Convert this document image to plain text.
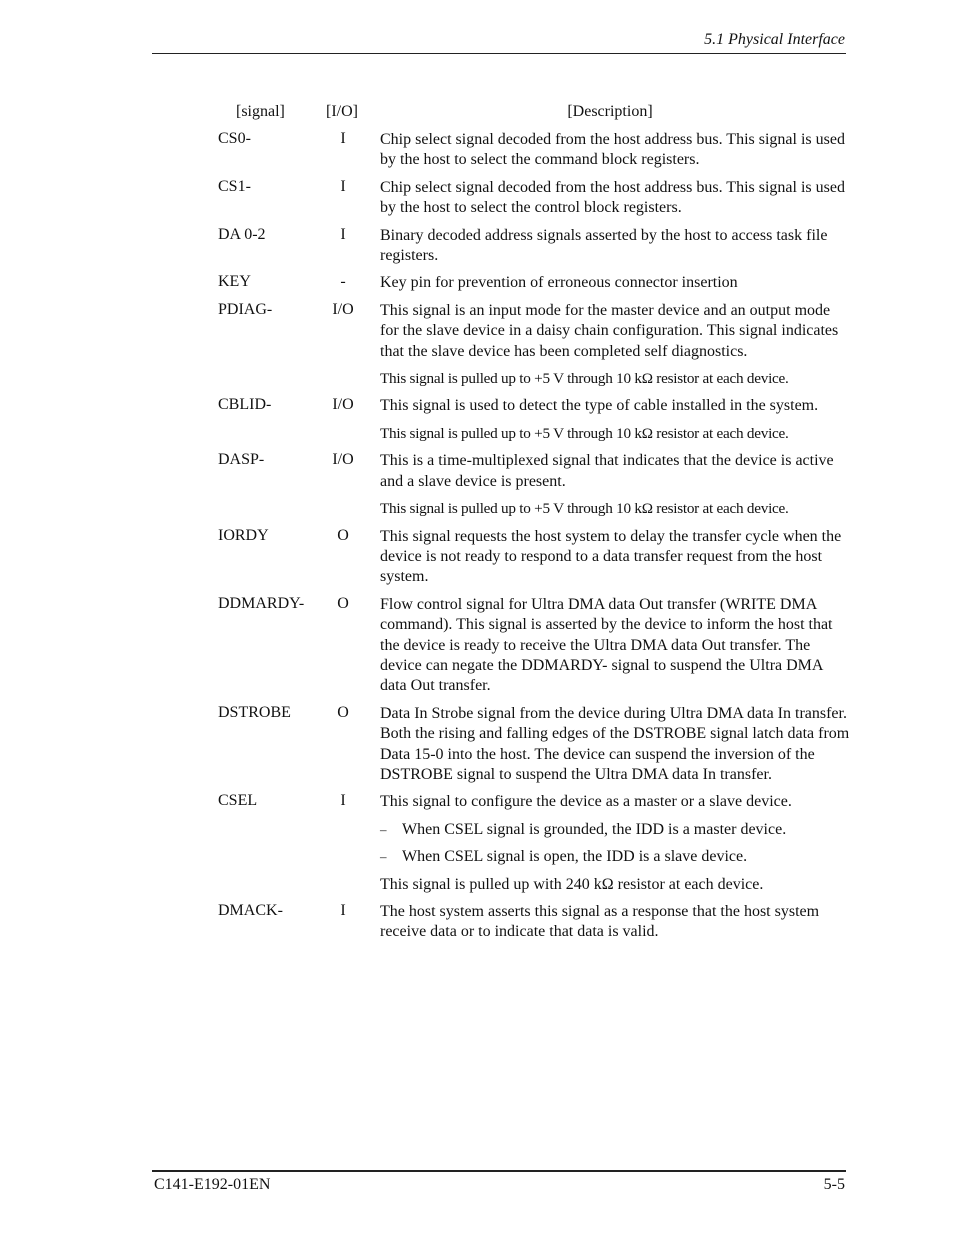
5.1 Physical Interface
[signal]	[I/O]	[Description]
CS0-	I	Chip select signal decoded from the host address bus. This signal is used by the host to select the command block registers.

CS1-	I	Chip select signal decoded from the host address bus. This signal is used by the host to select the control block registers.

DA 0-2	I	Binary decoded address signals asserted by the host to access task file registers.

KEY	-	Key pin for prevention of erroneous connector insertion

PDIAG-	I/O	This signal is an input mode for the master device and an output mode for the slave device in a daisy chain configuration. This signal indicates that the slave device has been completed self diagnostics.

This signal is pulled up to +5 V through 10 kΩ resistor at each device.

CBLID-	I/O	This signal is used to detect the type of cable installed in the system.

This signal is pulled up to +5 V through 10 kΩ resistor at each device.

DASP-	I/O	This is a time-multiplexed signal that indicates that the device is active and a slave device is present.

This signal is pulled up to +5 V through 10 kΩ resistor at each device.

IORDY	O	This signal requests the host system to delay the transfer cycle when the device is not ready to respond to a data transfer request from the host system.

DDMARDY-	O	Flow control signal for Ultra DMA data Out transfer (WRITE DMA command). This signal is asserted by the device to inform the host that the device is ready to receive the Ultra DMA data Out transfer. The device can negate the DDMARDY- signal to suspend the Ultra DMA data Out transfer.

DSTROBE	O	Data In Strobe signal from the device during Ultra DMA data In transfer. Both the rising and falling edges of the DSTROBE signal latch data from Data 15-0 into the host. The device can suspend the inversion of the DSTROBE signal to suspend the Ultra DMA data In transfer.

CSEL	I	This signal to configure the device as a master or a slave device.

– When CSEL signal is grounded, the IDD is a master device.

– When CSEL signal is open, the IDD is a slave device.

This signal is pulled up with 240 kΩ resistor at each device.

DMACK-	I	The host system asserts this signal as a response that the host system receive data or to indicate that data is valid.

C141-E192-01EN	5-5
